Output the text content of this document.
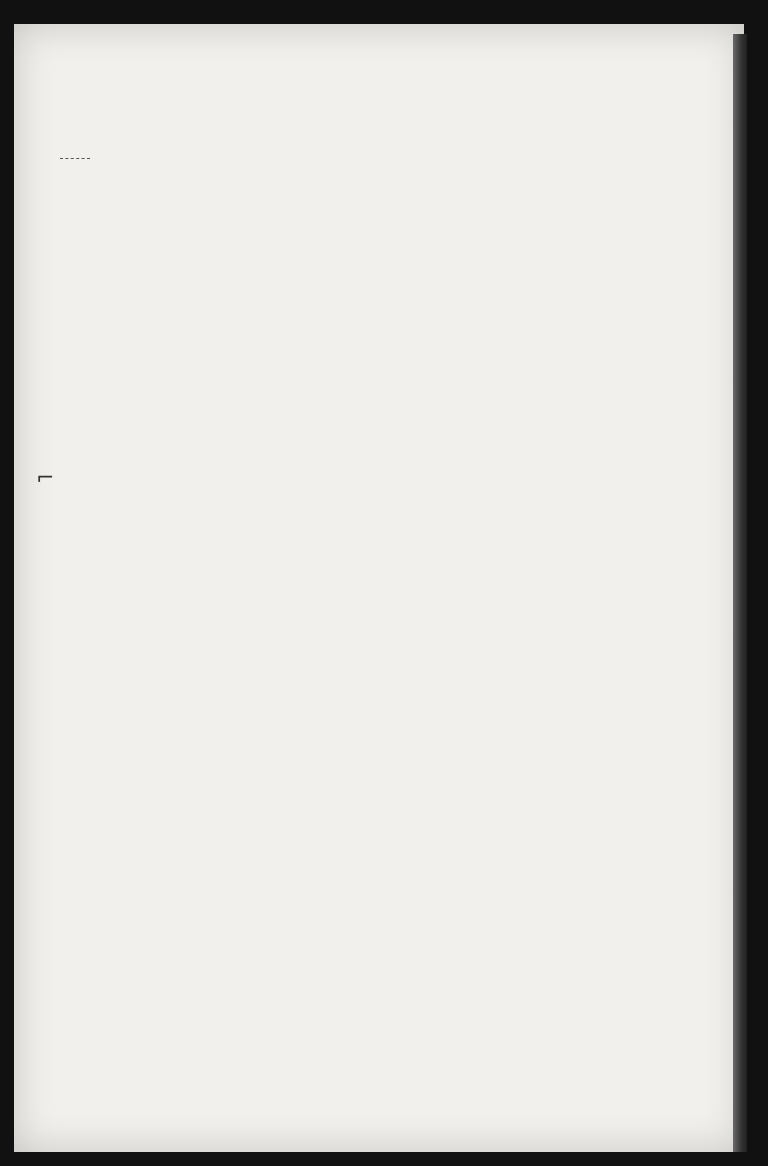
⌐
